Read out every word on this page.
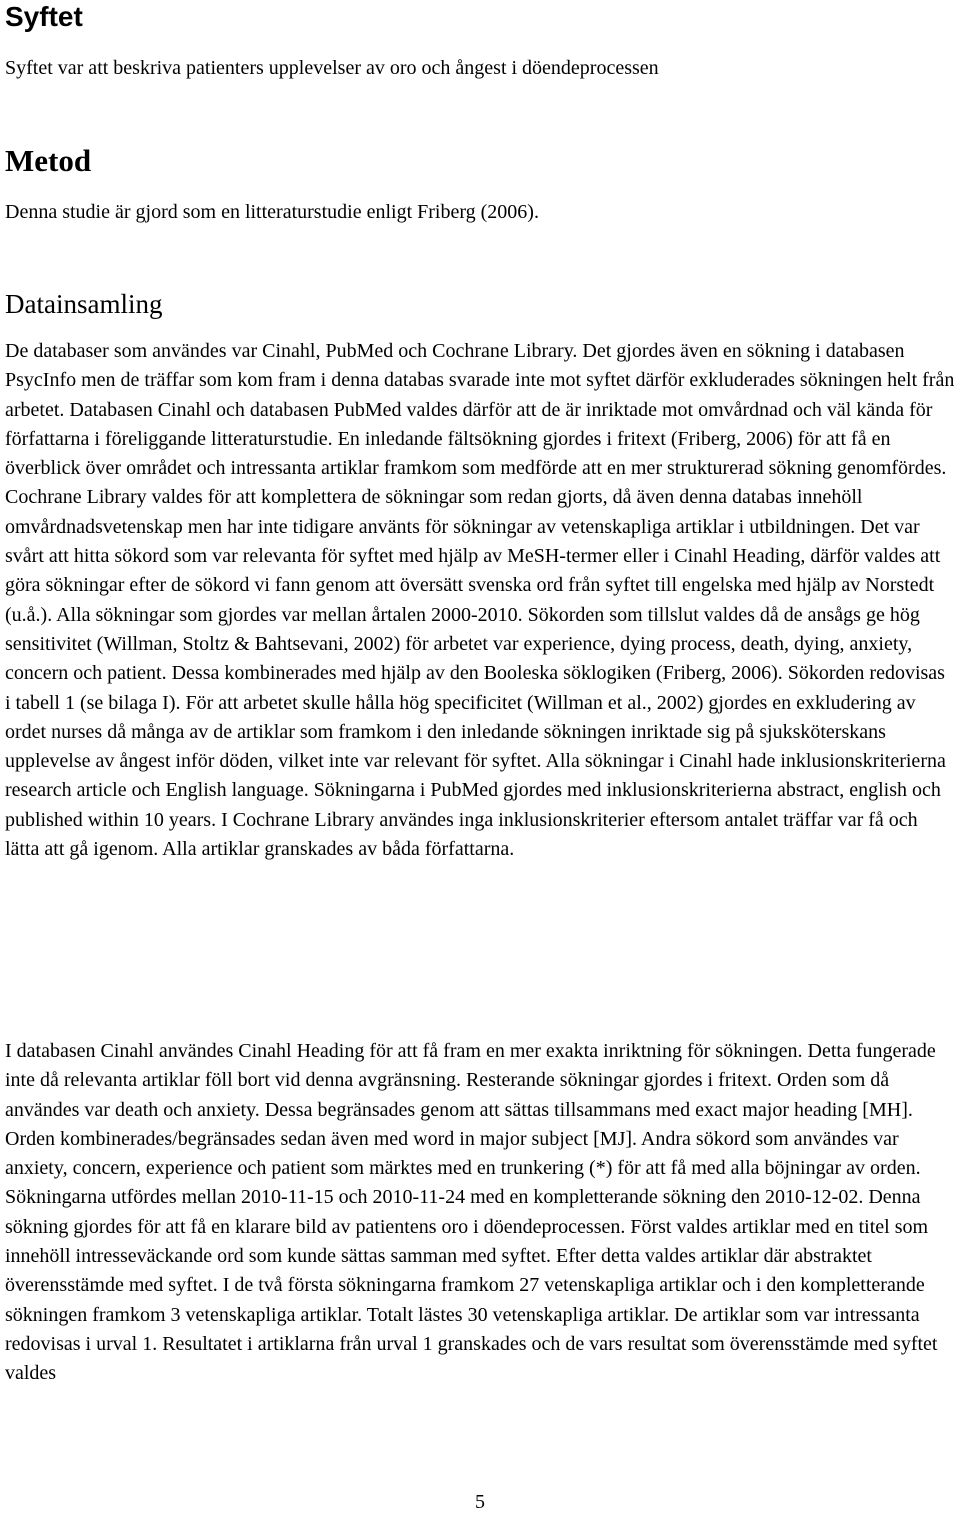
Syftet

Syftet var att beskriva patienters upplevelser av oro och ångest i döendeprocessen

Metod

Denna studie är gjord som en litteraturstudie enligt Friberg (2006).

Datainsamling

De databaser som användes var Cinahl, PubMed och Cochrane Library. Det gjordes även en sökning i databasen PsycInfo men de träffar som kom fram i denna databas svarade inte mot syftet därför exkluderades sökningen helt från arbetet. Databasen Cinahl och databasen PubMed valdes därför att de är inriktade mot omvårdnad och väl kända för författarna i föreliggande litteraturstudie. En inledande fältsökning gjordes i fritext (Friberg, 2006) för att få en överblick över området och intressanta artiklar framkom som medförde att en mer strukturerad sökning genomfördes. Cochrane Library valdes för att komplettera de sökningar som redan gjorts, då även denna databas innehöll omvårdnadsvetenskap men har inte tidigare använts för sökningar av vetenskapliga artiklar i utbildningen. Det var svårt att hitta sökord som var relevanta för syftet med hjälp av MeSH-termer eller i Cinahl Heading, därför valdes att göra sökningar efter de sökord vi fann genom att översätt svenska ord från syftet till engelska med hjälp av Norstedt (u.å.). Alla sökningar som gjordes var mellan årtalen 2000-2010. Sökorden som tillslut valdes då de ansågs ge hög sensitivitet (Willman, Stoltz & Bahtsevani, 2002) för arbetet var experience, dying process, death, dying, anxiety, concern och patient. Dessa kombinerades med hjälp av den Booleska söklogiken (Friberg, 2006). Sökorden redovisas i tabell 1 (se bilaga I). För att arbetet skulle hålla hög specificitet (Willman et al., 2002) gjordes en exkludering av ordet nurses då många av de artiklar som framkom i den inledande sökningen inriktade sig på sjuksköterskans upplevelse av ångest inför döden, vilket inte var relevant för syftet. Alla sökningar i Cinahl hade inklusionskriterierna research article och English language. Sökningarna i PubMed gjordes med inklusionskriterierna abstract, english och published within 10 years. I Cochrane Library användes inga inklusionskriterier eftersom antalet träffar var få och lätta att gå igenom. Alla artiklar granskades av båda författarna.

I databasen Cinahl användes Cinahl Heading för att få fram en mer exakta inriktning för sökningen. Detta fungerade inte då relevanta artiklar föll bort vid denna avgränsning. Resterande sökningar gjordes i fritext. Orden som då användes var death och anxiety. Dessa begränsades genom att sättas tillsammans med exact major heading [MH]. Orden kombinerades/begränsades sedan även med word in major subject [MJ]. Andra sökord som användes var anxiety, concern, experience och patient som märktes med en trunkering (*) för att få med alla böjningar av orden. Sökningarna utfördes mellan 2010-11-15 och 2010-11-24 med en kompletterande sökning den 2010-12-02. Denna sökning gjordes för att få en klarare bild av patientens oro i döendeprocessen. Först valdes artiklar med en titel som innehöll intresseväckande ord som kunde sättas samman med syftet. Efter detta valdes artiklar där abstraktet överensstämde med syftet. I de två första sökningarna framkom 27 vetenskapliga artiklar och i den kompletterande sökningen framkom 3 vetenskapliga artiklar. Totalt lästes 30 vetenskapliga artiklar. De artiklar som var intressanta redovisas i urval 1. Resultatet i artiklarna från urval 1 granskades och de vars resultat som överensstämde med syftet valdes

5
